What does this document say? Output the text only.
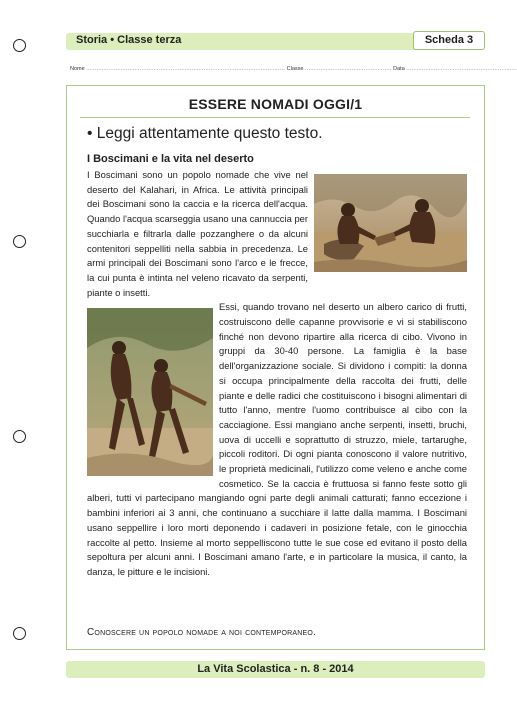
Storia • Classe terza	Scheda 3
Nome ................................................................................................................... Classe .................................................. Data ................................................................
ESSERE NOMADI OGGI/1
• Leggi attentamente questo testo.
I Boscimani e la vita nel deserto

I Boscimani sono un popolo nomade che vive nel deserto del Kalahari, in Africa. Le attività principali dei Boscimani sono la caccia e la ricerca dell'acqua. Quando l'acqua scarseggia usano una cannuccia per succhiarla e filtrarla dalle pozzanghere o da alcuni contenitori seppelliti nella sabbia in precedenza. Le armi principali dei Boscimani sono l'arco e le frecce, la cui punta è intinta nel veleno ricavato da serpenti, piante o insetti.

Essi, quando trovano nel deserto un albero carico di frutti, costruiscono delle capanne provvisorie e vi si stabiliscono finché non devono ripartire alla ricerca di cibo. Vivono in gruppi da 30-40 persone. La famiglia è la base dell'organizzazione sociale. Si dividono i compiti: la donna si occupa principalmente della raccolta dei frutti, delle piante e delle radici che costituiscono i bisogni alimentari di tutto l'anno, mentre l'uomo contribuisce al cibo con la cacciagione. Essi mangiano anche serpenti, insetti, bruchi, uova di uccelli e soprattutto di struzzo, miele, tartarughe, piccoli roditori. Di ogni pianta conoscono il valore nutritivo, le proprietà medicinali, l'utilizzo come veleno e anche come cosmetico. Se la caccia è fruttuosa si fanno feste sotto gli alberi, tutti vi partecipano mangiando ogni parte degli animali catturati; fanno eccezione i bambini inferiori ai 3 anni, che continuano a succhiare il latte dalla mamma. I Boscimani usano seppellire i loro morti deponendo i cadaveri in posizione fetale, con le ginocchia raccolte al petto. Insieme al morto seppelliscono tutte le sue cose ed evitano il posto della sepoltura per alcuni anni. I Boscimani amano l'arte, e in particolare la musica, il canto, la danza, le pitture e le incisioni.

Conoscere un popolo nomade a noi contemporaneo.
La Vita Scolastica - n. 8 - 2014
